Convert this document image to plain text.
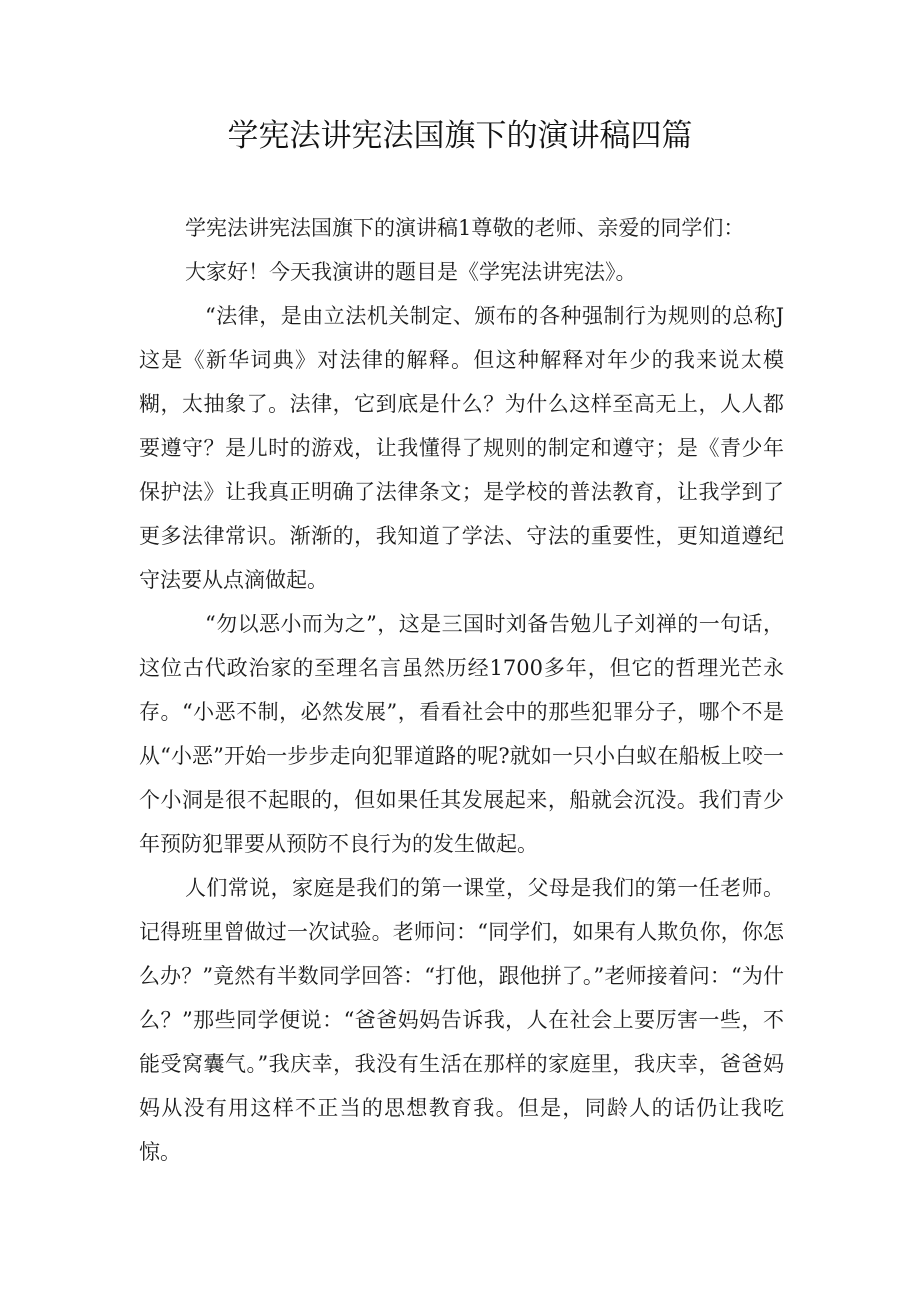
学宪法讲宪法国旗下的演讲稿四篇

学宪法讲宪法国旗下的演讲稿1尊敬的老师、亲爱的同学们：

大家好！今天我演讲的题目是《学宪法讲宪法》。

“法律，是由立法机关制定、颁布的各种强制行为规则的总称J这是《新华词典》对法律的解释。但这种解释对年少的我来说太模糊，太抽象了。法律，它到底是什么？为什么这样至高无上，人人都要遵守？是儿时的游戏，让我懂得了规则的制定和遵守；是《青少年保护法》让我真正明确了法律条文；是学校的普法教育，让我学到了更多法律常识。渐渐的，我知道了学法、守法的重要性，更知道遵纪守法要从点滴做起。

“勿以恶小而为之”，这是三国时刘备告勉儿子刘禅的一句话，这位古代政治家的至理名言虽然历经1700多年，但它的哲理光芒永存。“小恶不制，必然发展”，看看社会中的那些犯罪分子，哪个不是从“小恶”开始一步步走向犯罪道路的呢?就如一只小白蚁在船板上咬一个小洞是很不起眼的，但如果任其发展起来，船就会沉没。我们青少年预防犯罪要从预防不良行为的发生做起。

人们常说，家庭是我们的第一课堂，父母是我们的第一任老师。记得班里曾做过一次试验。老师问：“同学们，如果有人欺负你，你怎么办？”竟然有半数同学回答：“打他，跟他拼了。”老师接着问：“为什么？”那些同学便说：“爸爸妈妈告诉我，人在社会上要厉害一些，不能受窝囊气。”我庆幸，我没有生活在那样的家庭里，我庆幸，爸爸妈妈从没有用这样不正当的思想教育我。但是，同龄人的话仍让我吃惊。
